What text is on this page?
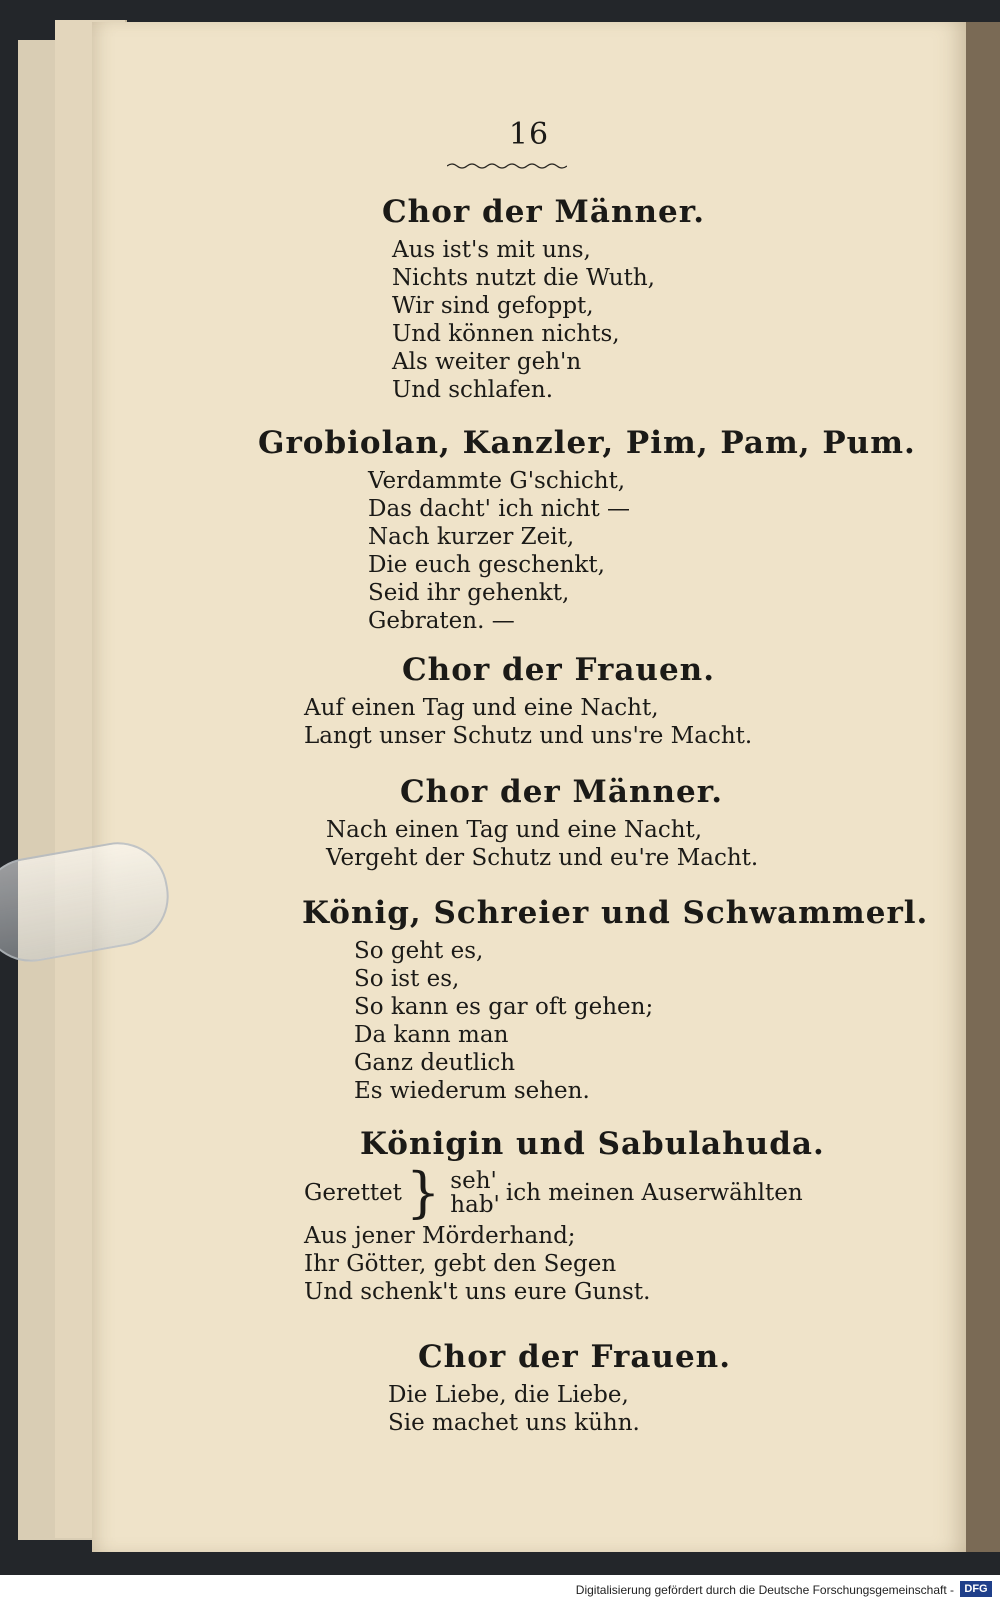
16
Chor der Männer.
Aus ist's mit uns,
Nichts nutzt die Wuth,
Wir sind gefoppt,
Und können nichts,
Als weiter geh'n
Und schlafen.
Grobiolan, Kanzler, Pim, Pam, Pum.
Verdammte G'schicht,
Das dacht' ich nicht —
Nach kurzer Zeit,
Die euch geschenkt,
Seid ihr gehenkt,
Gebraten. —
Chor der Frauen.
Auf einen Tag und eine Nacht,
Langt unser Schutz und uns're Macht.
Chor der Männer.
Nach einen Tag und eine Nacht,
Vergeht der Schutz und eu're Macht.
König, Schreier und Schwammerl.
So geht es,
So ist es,
So kann es gar oft gehen;
Da kann man
Ganz deutlich
Es wiederum sehen.
Königin und Sabulahuda.
Gerettet } seh'
hab' ich meinen Auserwählten
Aus jener Mörderhand;
Ihr Götter, gebt den Segen
Und schenk't uns eure Gunst.
Chor der Frauen.
Die Liebe, die Liebe,
Sie machet uns kühn.
Digitalisierung gefördert durch die Deutsche Forschungsgemeinschaft - DFG
